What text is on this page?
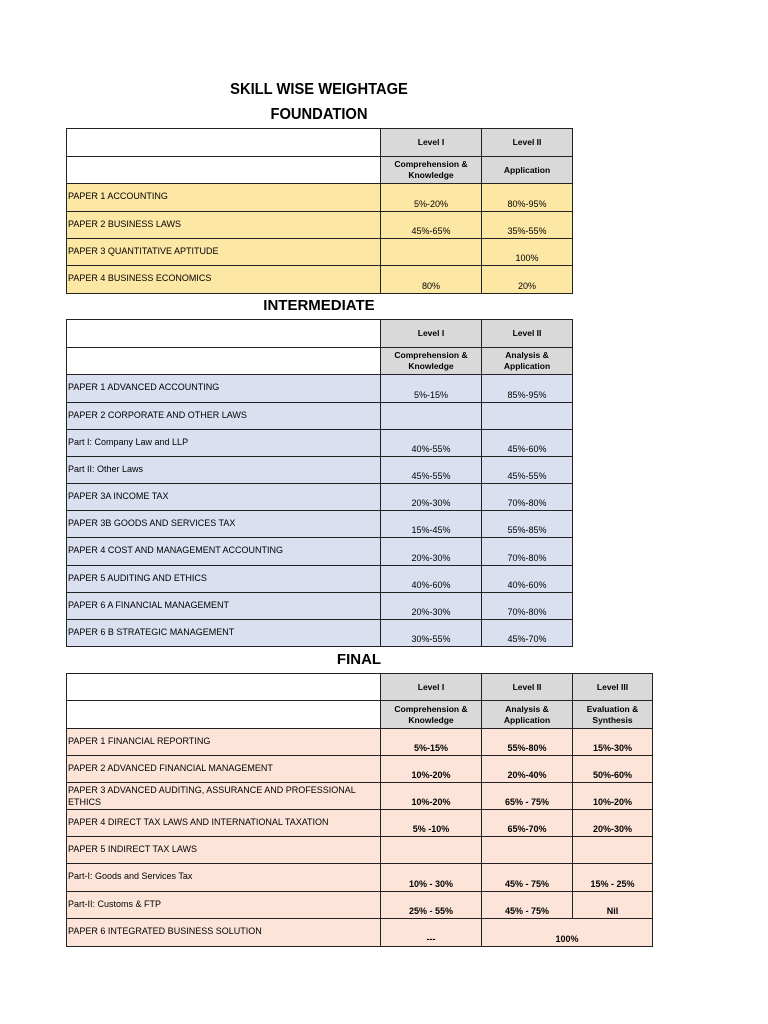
SKILL WISE WEIGHTAGE
FOUNDATION
	Level I	Level II
	Comprehension & Knowledge	Application
PAPER 1 ACCOUNTING	5%-20%	80%-95%
PAPER 2 BUSINESS LAWS	45%-65%	35%-55%
PAPER 3 QUANTITATIVE APTITUDE		100%
PAPER 4 BUSINESS ECONOMICS	80%	20%
INTERMEDIATE
	Level I	Level II
	Comprehension & Knowledge	Analysis & Application
PAPER 1 ADVANCED ACCOUNTING	5%-15%	85%-95%
PAPER 2 CORPORATE AND OTHER LAWS		
Part I: Company Law and LLP	40%-55%	45%-60%
Part II: Other Laws	45%-55%	45%-55%
PAPER 3A INCOME TAX	20%-30%	70%-80%
PAPER 3B GOODS AND SERVICES TAX	15%-45%	55%-85%
PAPER 4 COST AND MANAGEMENT ACCOUNTING	20%-30%	70%-80%
PAPER 5 AUDITING AND ETHICS	40%-60%	40%-60%
PAPER 6 A FINANCIAL MANAGEMENT	20%-30%	70%-80%
PAPER 6 B STRATEGIC MANAGEMENT	30%-55%	45%-70%
FINAL
	Level I	Level II	Level III
	Comprehension & Knowledge	Analysis & Application	Evaluation & Synthesis
PAPER 1 FINANCIAL REPORTING	5%-15%	55%-80%	15%-30%
PAPER 2 ADVANCED FINANCIAL MANAGEMENT	10%-20%	20%-40%	50%-60%
PAPER 3 ADVANCED AUDITING, ASSURANCE AND PROFESSIONAL ETHICS	10%-20%	65% - 75%	10%-20%
PAPER 4 DIRECT TAX LAWS AND INTERNATIONAL TAXATION	5% -10%	65%-70%	20%-30%
PAPER 5 INDIRECT TAX LAWS			
Part-I: Goods and Services Tax	10% - 30%	45% - 75%	15% - 25%
Part-II: Customs & FTP	25% - 55%	45% - 75%	Nil
PAPER 6 INTEGRATED BUSINESS SOLUTION	---	100%	
